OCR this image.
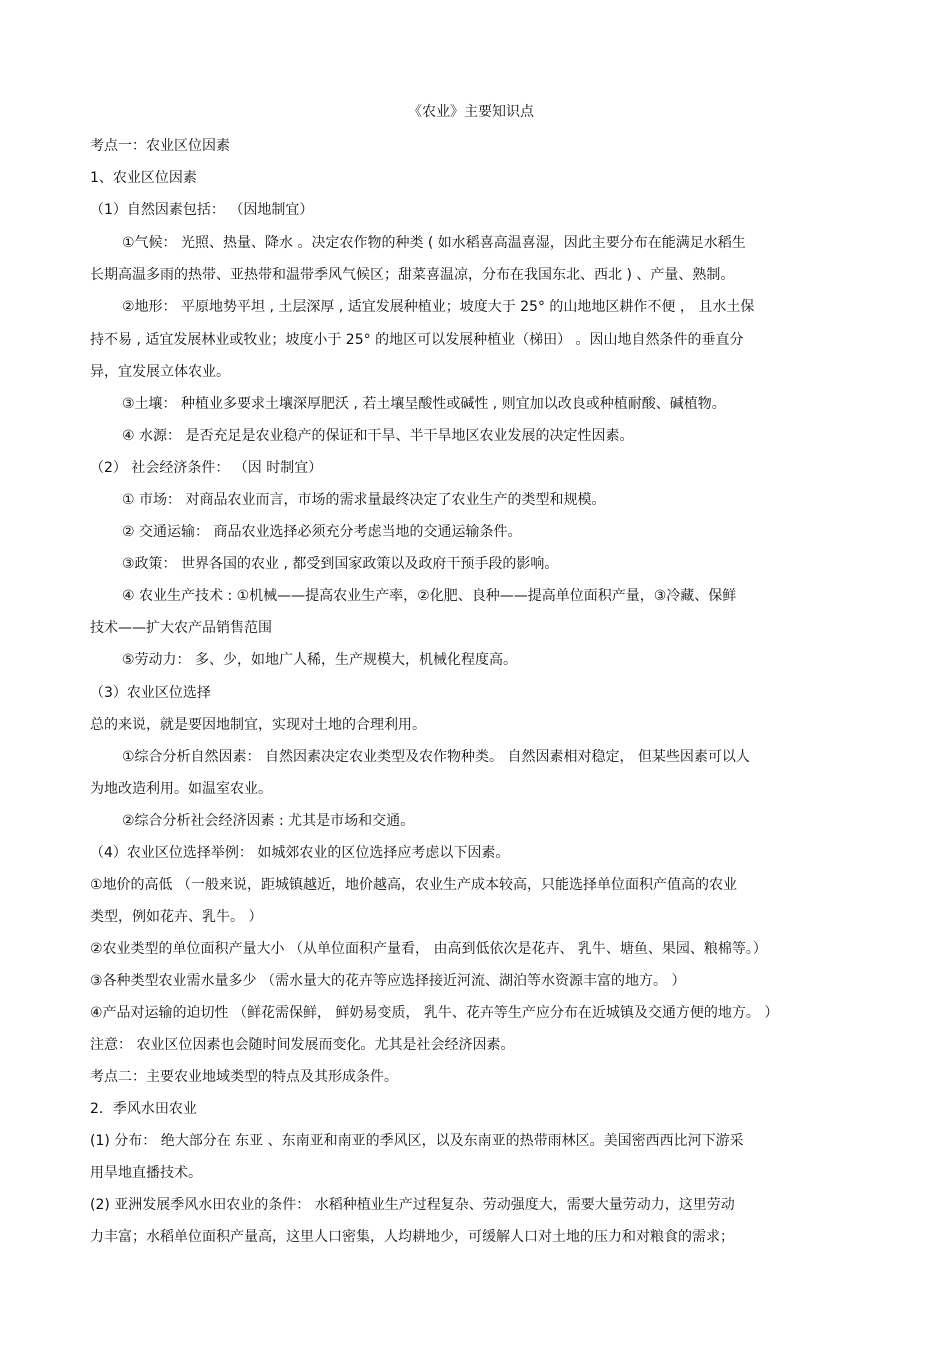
《农业》主要知识点
考点一：农业区位因素
1、农业区位因素
（1）自然因素包括： （因地制宜）
①气候： 光照、热量、降水 。决定农作物的种类 ( 如水稻喜高温喜湿，因此主要分布在能满足水稻生
长期高温多雨的热带、亚热带和温带季风气候区；甜菜喜温凉，分布在我国东北、西北 ) 、产量、熟制。
②地形： 平原地势平坦 , 土层深厚 , 适宜发展种植业；坡度大于 25° 的山地地区耕作不便 ， 且水土保
持不易 , 适宜发展林业或牧业；坡度小于 25° 的地区可以发展种植业（梯田） 。因山地自然条件的垂直分
异，宜发展立体农业。
③土壤： 种植业多要求土壤深厚肥沃 , 若土壤呈酸性或碱性 , 则宜加以改良或种植耐酸、碱植物。
④ 水源： 是否充足是农业稳产的保证和干旱、半干旱地区农业发展的决定性因素。
（2） 社会经济条件： （因 时制宜）
① 市场： 对商品农业而言，市场的需求量最终决定了农业生产的类型和规模。
② 交通运输： 商品农业选择必须充分考虑当地的交通运输条件。
③政策： 世界各国的农业 , 都受到国家政策以及政府干预手段的影响。
④ 农业生产技术 : ①机械——提高农业生产率，②化肥、良种——提高单位面积产量，③冷藏、保鲜
技术——扩大农产品销售范围
⑤劳动力： 多、少，如地广人稀，生产规模大，机械化程度高。
（3）农业区位选择
总的来说，就是要因地制宜，实现对土地的合理利用。
①综合分析自然因素： 自然因素决定农业类型及农作物种类。 自然因素相对稳定， 但某些因素可以人
为地改造利用。如温室农业。
②综合分析社会经济因素 : 尤其是市场和交通。
（4）农业区位选择举例： 如城郊农业的区位选择应考虑以下因素。
①地价的高低 （一般来说，距城镇越近，地价越高，农业生产成本较高，只能选择单位面积产值高的农业
类型，例如花卉、乳牛。 ）
②农业类型的单位面积产量大小 （从单位面积产量看， 由高到低依次是花卉、 乳牛、塘鱼、果园、粮棉等。）
③各种类型农业需水量多少 （需水量大的花卉等应选择接近河流、湖泊等水资源丰富的地方。 ）
④产品对运输的迫切性 （鲜花需保鲜， 鲜奶易变质， 乳牛、花卉等生产应分布在近城镇及交通方便的地方。 ）
注意： 农业区位因素也会随时间发展而变化。尤其是社会经济因素。
考点二：主要农业地域类型的特点及其形成条件。
2．季风水田农业
(1) 分布： 绝大部分在 东亚 、东南亚和南亚的季风区，以及东南亚的热带雨林区。美国密西西比河下游采
用旱地直播技术。
(2) 亚洲发展季风水田农业的条件： 水稻种植业生产过程复杂、劳动强度大，需要大量劳动力，这里劳动
力丰富；水稻单位面积产量高，这里人口密集，人均耕地少，可缓解人口对土地的压力和对粮食的需求；
